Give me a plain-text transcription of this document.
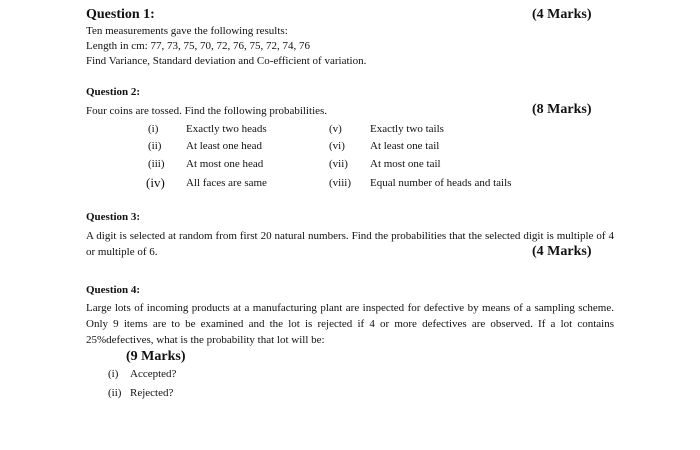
Question 1:	(4 Marks)
Ten measurements gave the following results:
Length in cm: 77, 73, 75, 70, 72, 76, 75, 72, 74, 76
Find Variance, Standard deviation and Co-efficient of variation.
Question 2:
Four coins are tossed. Find the following probabilities.	(8 Marks)
(i)	Exactly two heads	(v)	Exactly two tails
(ii) At least one head	(vi) At least one tail
(iii) At most one head	(vii) At most one tail
(iv) All faces are same	(viii) Equal number of heads and tails
Question 3:
A digit is selected at random from first 20 natural numbers. Find the probabilities that the selected digit is multiple of 4 or multiple of 6.	(4 Marks)
Question 4:
Large lots of incoming products at a manufacturing plant are inspected for defective by means of a sampling scheme. Only 9 items are to be examined and the lot is rejected if 4 or more defectives are observed. If a lot contains 25%defectives, what is the probability that lot will be:
(9 Marks)
(i) Accepted?
(ii) Rejected?
